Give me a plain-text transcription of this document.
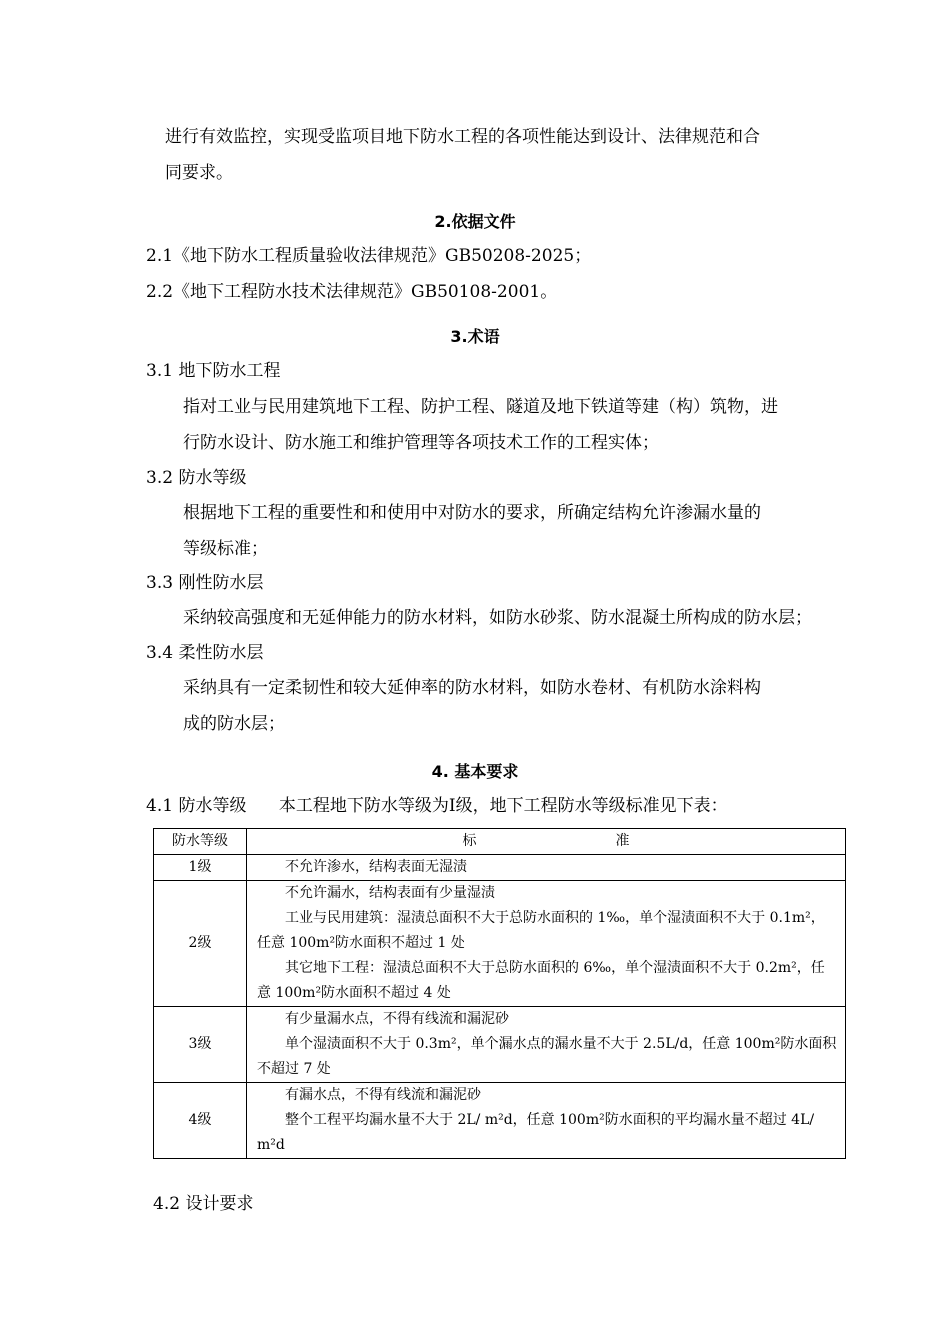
进行有效监控，实现受监项目地下防水工程的各项性能达到设计、法律规范和合
同要求。
2.依据文件
2.1《地下防水工程质量验收法律规范》GB50208-2025；
2.2《地下工程防水技术法律规范》GB50108-2001。
3.术语
3.1 地下防水工程
指对工业与民用建筑地下工程、防护工程、隧道及地下铁道等建（构）筑物，进
行防水设计、防水施工和维护管理等各项技术工作的工程实体；
3.2 防水等级
根据地下工程的重要性和和使用中对防水的要求，所确定结构允许渗漏水量的
等级标准；
3.3 刚性防水层
采纳较高强度和无延伸能力的防水材料，如防水砂浆、防水混凝土所构成的防水层；
3.4 柔性防水层
采纳具有一定柔韧性和较大延伸率的防水材料，如防水卷材、有机防水涂料构
成的防水层；
4. 基本要求
4.1 防水等级      本工程地下防水等级为Ⅰ级，地下工程防水等级标准见下表：
防水等级	标 准

1级	不允许渗水，结构表面无湿渍

2级	不允许漏水，结构表面有少量湿渍
工业与民用建筑：湿渍总面积不大于总防水面积的 1‰，单个湿渍面积不大于 0.1m²，任意 100m²防水面积不超过 1 处
其它地下工程：湿渍总面积不大于总防水面积的 6‰，单个湿渍面积不大于 0.2m²，任意 100m²防水面积不超过 4 处

3级	有少量漏水点，不得有线流和漏泥砂
单个湿渍面积不大于 0.3m²，单个漏水点的漏水量不大于 2.5L/d，任意 100m²防水面积不超过 7 处

4级	有漏水点，不得有线流和漏泥砂
整个工程平均漏水量不大于 2L/ m²d，任意 100m²防水面积的平均漏水量不超过 4L/ m²d
4.2 设计要求
